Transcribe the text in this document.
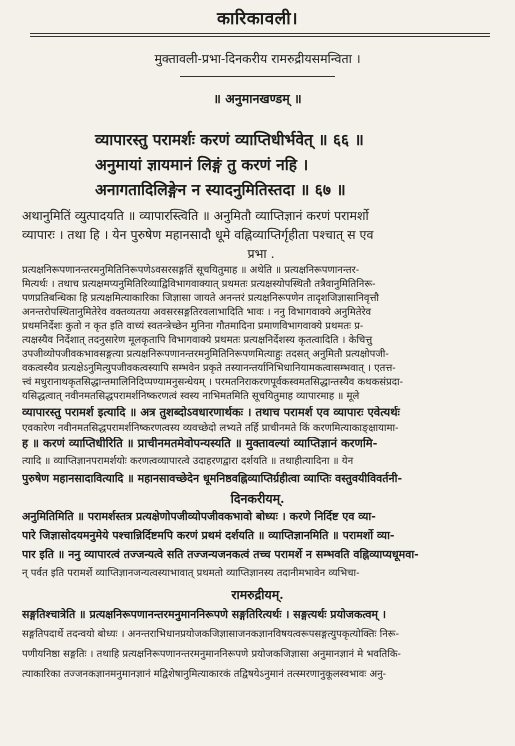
कारिकावली।
मुक्तावली-प्रभा-दिनकरीय रामरुद्रीयसमन्विता ।
॥ अनुमानखण्डम् ॥
व्यापारस्तु परामर्शः करणं व्याप्तिधीर्भवेत् ॥ ६६ ॥
अनुमायां ज्ञायमानं लिङ्गं तु करणं नहि ।
अनागतादिलिङ्गेन न स्यादनुमितिस्तदा ॥ ६७ ॥
अथानुमितिं व्युत्पादयति ॥ व्यापारस्त्विति ॥ अनुमितौ व्याप्तिज्ञानं करणं परामर्शो
व्यापारः । तथा हि । येन पुरुषेण महानसादौ धूमे वह्निव्याप्तिर्गृहीता पश्चात् स एव
प्रभा .
प्रत्यक्षनिरूपणानन्तरमनुमितिनिरूपणेऽवसरसङ्गतिं सूचयितुमाह ॥ अथेति ॥ प्रत्यक्षनिरूपणानन्तर-
मित्यर्थः । तथाच प्रत्यक्षमप्यनुमितिरिव्याद्विविभागवाक्यात् प्रथमतः प्रत्यक्षस्योपस्थितौ तत्रैवानुमितिनिरू-
पणप्रतिबन्धिका हि प्रत्यक्षमित्याकारिका जिज्ञासा जायते अनन्तरं प्रत्यक्षनिरूपणेन तादृशजिज्ञासानिवृत्तौ
अनन्तरोपस्थितानुमितेरेव वक्तव्यतया अवसरसङ्गतिरवलाभादिति भावः । ननु विभागवाक्ये अनुमितेरेव
प्रथमनिर्देशः कुतो न कृत इति वाच्यं स्वतन्त्रेच्छेन मुनिना गौतमादिना प्रमाणविभागवाक्ये प्रथमतः प्र-
त्यक्षस्यैव निर्देशात् तदनुसारेण मूलकृतापि विभागवाक्ये प्रथमतः प्रत्यक्षनिर्देशस्य कृतत्वादिति । केचित्तु
उपजीव्योपजीवकभावसङ्गत्या प्रत्यक्षनिरूपणानन्तरमनुमितिनिरूपणमित्याहुः तदसत् अनुमितौ प्रत्यक्षोपजी-
वकत्वस्यैव प्रत्यक्षेऽनुमित्युपजीवकत्वस्यापि सम्भवेन प्रकृते तस्यानन्तर्यानिभिधानियामकत्वासम्भवात् । एतत्त-
त्त्वं मधुरानाथकृतसिद्धान्तमालिनिदिप्पण्यामनुसन्धेयम् । परमतनिराकरणपूर्वकस्वमतसिद्धान्तस्यैव कथकसंप्रदा-
यसिद्धत्वात् नवीनमतसिद्धपरामर्शनिष्करणत्वं स्वस्य नाभिमतमिति सूचयितुमाह व्यापारमाह ॥ मूले
व्यापारस्तु परामर्श इत्यादि ॥ अत्र तुशब्दोऽवधारणार्थकः । तथाच परामर्श एव व्यापारः एवेत्यर्थः
एवकारेण नवीनमतसिद्धपरामर्शनिष्करणत्वस्य व्यवच्छेदो लभ्यते तर्हि प्राचीनमते किं करणमित्याकाङ्क्षायामा-
ह ॥ करणं व्याप्तिधीरिति ॥ प्राचीनमतमेवोपन्यस्यति ॥ मुक्तावल्यां व्याप्तिज्ञानं करणमि-
त्यादि ॥ व्याप्तिज्ञानपरामर्शयोः करणत्वव्यापारत्वे उदाहरणद्वारा दर्शयति ॥ तथाहीत्यादिना ॥ येन
पुरुषेण महानसादावित्यादि ॥ महानसावच्छेदेन धूमनिष्ठवह्निव्याप्तिर्ग्रहीत्वा व्याप्तिः वस्तुवयीविवर्तनी-
दिनकरीयम्.
अनुमितिमिति ॥ परामर्शस्तत्र प्रत्यक्षेणोपजीव्योपजीवकभावो बोध्यः । करणे निर्दिष्ट एव व्या-
पारे जिज्ञासोदयमनुमेये पश्चान्निर्दिष्टमपि करणं प्रथमं दर्शयति ॥ व्याप्तिज्ञानमिति ॥ परामर्शो व्या-
पार इति ॥ ननु व्यापारत्वं तज्जन्यत्वे सति तज्जन्यजनकत्वं तच्च परामर्शे न सम्भवति वह्निव्याप्यधूमवा-
न् पर्वत इति परामर्शे व्याप्तिज्ञानजन्यत्वस्याभावात् प्रथमतो व्याप्तिज्ञानस्य तदानीमभावेन व्यभिचा-
रामरुद्रीयम्.
सङ्गतिश्चात्रेति ॥ प्रत्यक्षनिरूपणानन्तरमनुमाननिरूपणे सङ्गतिरित्यर्थः । सङ्गत्यर्थः प्रयोजकत्वम् ।
सङ्गतिपदार्थे तदन्वयो बोध्यः । अनन्तराभिधानप्रयोजकजिज्ञासाजनकज्ञानविषयत्वरूपसङ्गत्युपकृत्योक्तिः निरू-
पणीयनिष्ठा सङ्गतिः । तथाहि प्रत्यक्षनिरूपणानन्तरमनुमाननिरूपणे प्रयोजकजिज्ञासा अनुमानज्ञानं मे भवतिकि-
त्याकारिका तज्जनकज्ञानमनुमानज्ञानं मद्विशेषानुमित्याकारकं तद्विषयेऽनुमानं तत्स्मरणानुकूलस्वभावः अनु-
